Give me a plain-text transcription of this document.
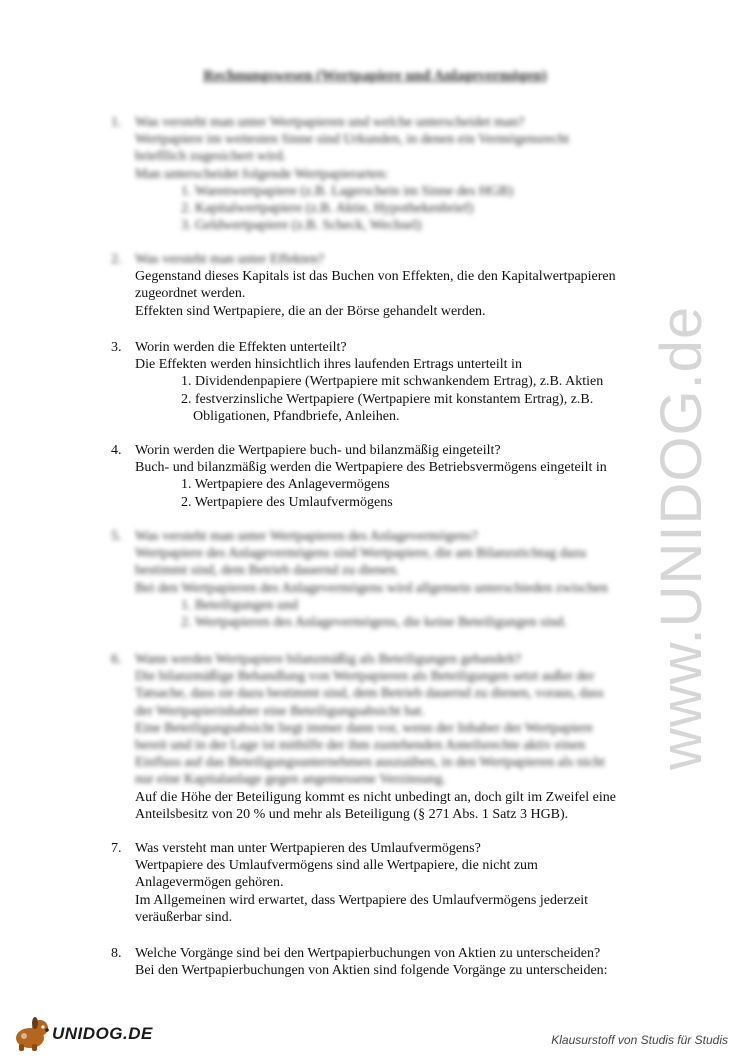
Rechnungswesen (Wertpapiere und Anlagevermögen)
1. Was versteht man unter Wertpapieren und welche unterscheidet man?
Wertpapiere im weitesten Sinne sind Urkunden, in denen ein Vermögensrecht
briefllich zugesichert wird.
Man unterscheidet folgende Wertpapierarten:
1. Warenwertpapiere (z.B. Lagerschein im Sinne des HGB)
2. Kapitalwertpapiere (z.B. Aktie, Hypothekenbrief)
3. Geldwertpapiere (z.B. Scheck, Wechsel)
2. Was versteht man unter Effekten?
Gegenstand dieses Kapitals ist das Buchen von Effekten, die den Kapitalwertpapieren
zugeordnet werden.
Effekten sind Wertpapiere, die an der Börse gehandelt werden.
3. Worin werden die Effekten unterteilt?
Die Effekten werden hinsichtlich ihres laufenden Ertrags unterteilt in
1. Dividendenpapiere (Wertpapiere mit schwankendem Ertrag), z.B. Aktien
2. festverzinsliche Wertpapiere (Wertpapiere mit konstantem Ertrag), z.B.
Obligationen, Pfandbriefe, Anleihen.
4. Worin werden die Wertpapiere buch- und bilanzmäßig eingeteilt?
Buch- und bilanzmäßig werden die Wertpapiere des Betriebsvermögens eingeteilt in
1. Wertpapiere des Anlagevermögens
2. Wertpapiere des Umlaufvermögens
5. Was versteht man unter Wertpapieren des Anlagevermögens?
Wertpapiere des Anlagevermögens sind Wertpapiere, die am Bilanzstichtag dazu
bestimmt sind, dem Betrieb dauernd zu dienen.
Bei den Wertpapieren des Anlagevermögens wird allgemein unterschieden zwischen
1. Beteiligungen und
2. Wertpapieren des Anlagevermögens, die keine Beteiligungen sind.
6. Wann werden Wertpapiere bilanzmäßig als Beteiligungen gehandelt?
Die bilanzmäßige Behandlung von Wertpapieren als Beteiligungen setzt außer der
Tatsache, dass sie dazu bestimmt sind, dem Betrieb dauernd zu dienen, voraus, dass
der Wertpapierinhaber eine Beteiligungsabsicht hat.
Eine Beteiligungsabsicht liegt immer dann vor, wenn der Inhaber der Wertpapiere
bereit und in der Lage ist mithilfe der ihm zustehenden Anteilsrechte aktiv einen
Einfluss auf das Beteiligungsunternehmen auszuüben, in den Wertpapieren als nicht
nur eine Kapitalanlage gegen angemessene Verzinsung.
Auf die Höhe der Beteiligung kommt es nicht unbedingt an, doch gilt im Zweifel eine
Anteilsbesitz von 20 % und mehr als Beteiligung (§ 271 Abs. 1 Satz 3 HGB).
7. Was versteht man unter Wertpapieren des Umlaufvermögens?
Wertpapiere des Umlaufvermögens sind alle Wertpapiere, die nicht zum
Anlagevermögen gehören.
Im Allgemeinen wird erwartet, dass Wertpapiere des Umlaufvermögens jederzeit
veräußerbar sind.
8. Welche Vorgänge sind bei den Wertpapierbuchungen von Aktien zu unterscheiden?
Bei den Wertpapierbuchungen von Aktien sind folgende Vorgänge zu unterscheiden:
www.UNIDOG.de
UNIDOG.DE	Klausurstoff von Studis für Studis
